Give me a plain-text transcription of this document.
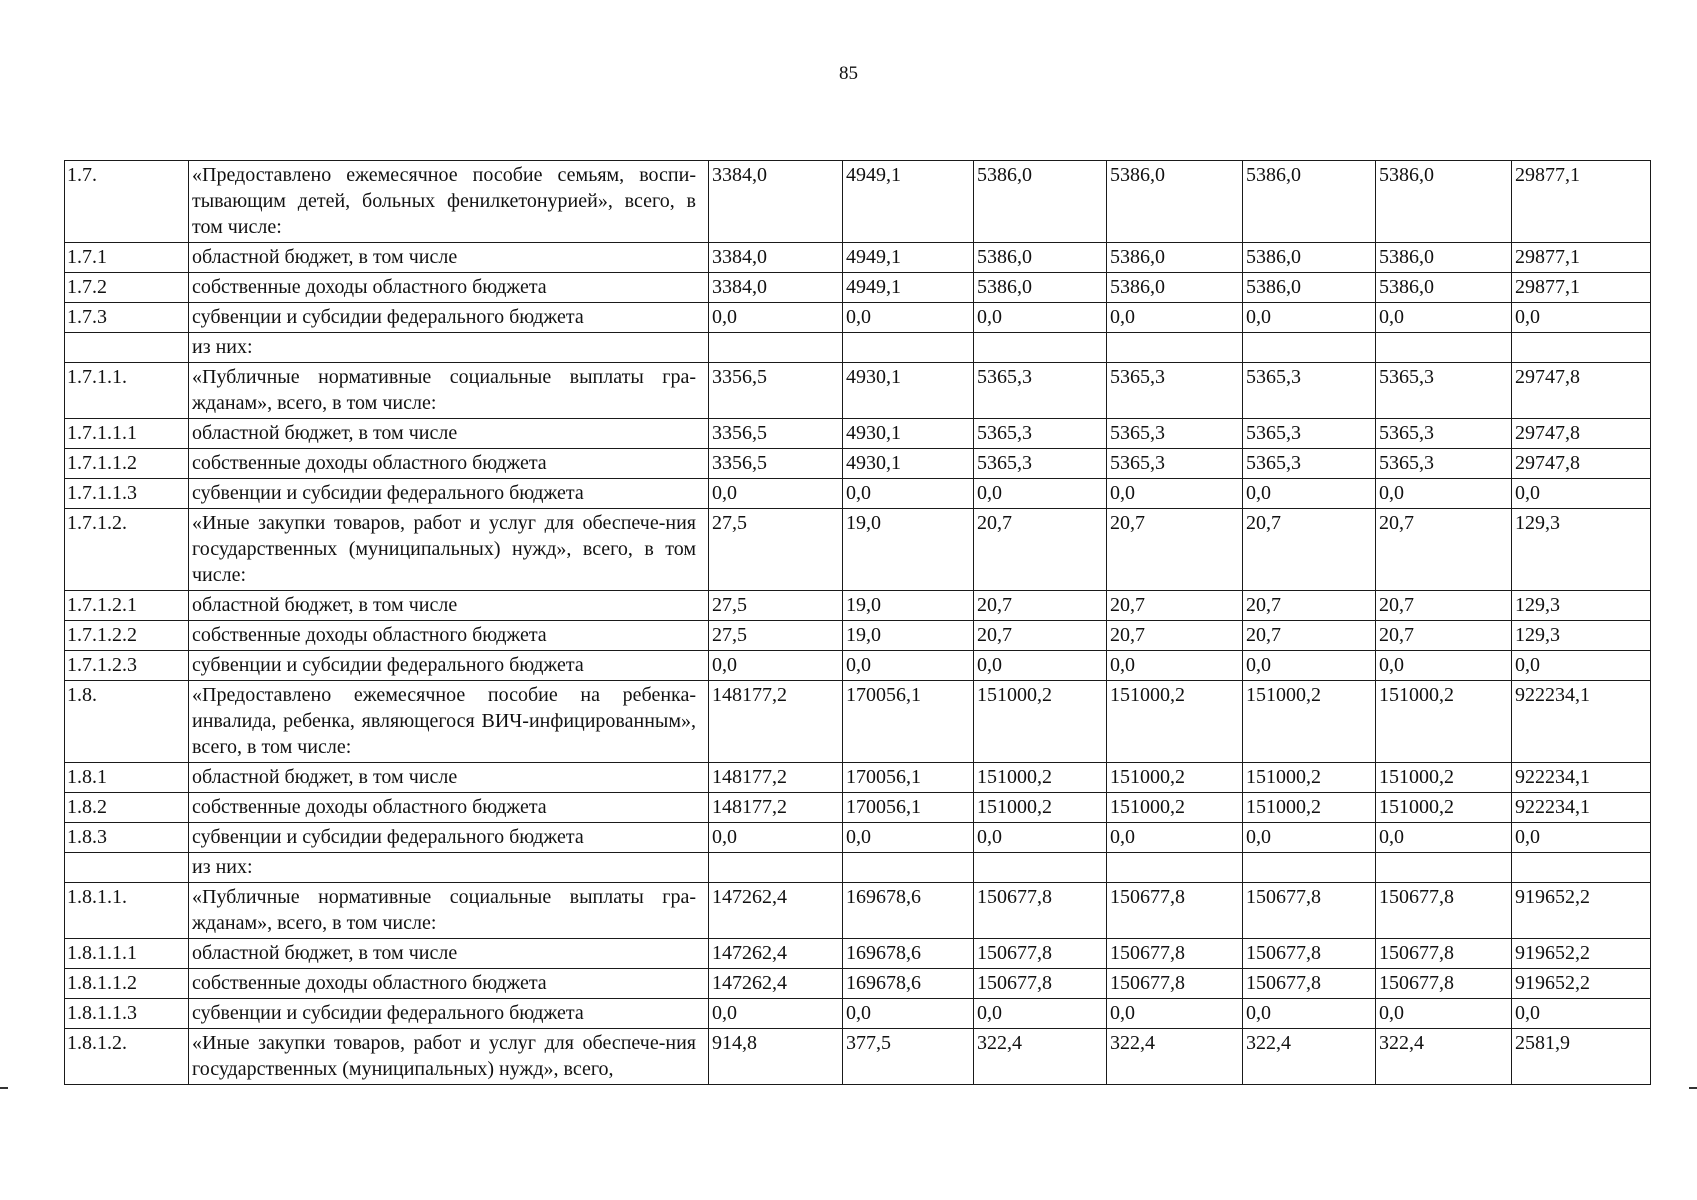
85
1.7.	«Предоставлено ежемесячное пособие семьям, воспи-тывающим детей, больных фенилкетонурией», всего, в том числе:	3384,0	4949,1	5386,0	5386,0	5386,0	5386,0	29877,1
1.7.1	областной бюджет, в том числе	3384,0	4949,1	5386,0	5386,0	5386,0	5386,0	29877,1
1.7.2	собственные доходы областного бюджета	3384,0	4949,1	5386,0	5386,0	5386,0	5386,0	29877,1
1.7.3	субвенции и субсидии федерального бюджета	0,0	0,0	0,0	0,0	0,0	0,0	0,0
	из них:							
1.7.1.1.	«Публичные нормативные социальные выплаты гра-жданам», всего, в том числе:	3356,5	4930,1	5365,3	5365,3	5365,3	5365,3	29747,8
1.7.1.1.1	областной бюджет, в том числе	3356,5	4930,1	5365,3	5365,3	5365,3	5365,3	29747,8
1.7.1.1.2	собственные доходы областного бюджета	3356,5	4930,1	5365,3	5365,3	5365,3	5365,3	29747,8
1.7.1.1.3	субвенции и субсидии федерального бюджета	0,0	0,0	0,0	0,0	0,0	0,0	0,0
1.7.1.2.	«Иные закупки товаров, работ и услуг для обеспече-ния государственных (муниципальных) нужд», всего, в том числе:	27,5	19,0	20,7	20,7	20,7	20,7	129,3
1.7.1.2.1	областной бюджет, в том числе	27,5	19,0	20,7	20,7	20,7	20,7	129,3
1.7.1.2.2	собственные доходы областного бюджета	27,5	19,0	20,7	20,7	20,7	20,7	129,3
1.7.1.2.3	субвенции и субсидии федерального бюджета	0,0	0,0	0,0	0,0	0,0	0,0	0,0
1.8.	«Предоставлено ежемесячное пособие на ребенка-инвалида, ребенка, являющегося ВИЧ-инфицированным», всего, в том числе:	148177,2	170056,1	151000,2	151000,2	151000,2	151000,2	922234,1
1.8.1	областной бюджет, в том числе	148177,2	170056,1	151000,2	151000,2	151000,2	151000,2	922234,1
1.8.2	собственные доходы областного бюджета	148177,2	170056,1	151000,2	151000,2	151000,2	151000,2	922234,1
1.8.3	субвенции и субсидии федерального бюджета	0,0	0,0	0,0	0,0	0,0	0,0	0,0
	из них:							
1.8.1.1.	«Публичные нормативные социальные выплаты гра-жданам», всего, в том числе:	147262,4	169678,6	150677,8	150677,8	150677,8	150677,8	919652,2
1.8.1.1.1	областной бюджет, в том числе	147262,4	169678,6	150677,8	150677,8	150677,8	150677,8	919652,2
1.8.1.1.2	собственные доходы областного бюджета	147262,4	169678,6	150677,8	150677,8	150677,8	150677,8	919652,2
1.8.1.1.3	субвенции и субсидии федерального бюджета	0,0	0,0	0,0	0,0	0,0	0,0	0,0
1.8.1.2.	«Иные закупки товаров, работ и услуг для обеспече-ния государственных (муниципальных) нужд», всего,	914,8	377,5	322,4	322,4	322,4	322,4	2581,9
